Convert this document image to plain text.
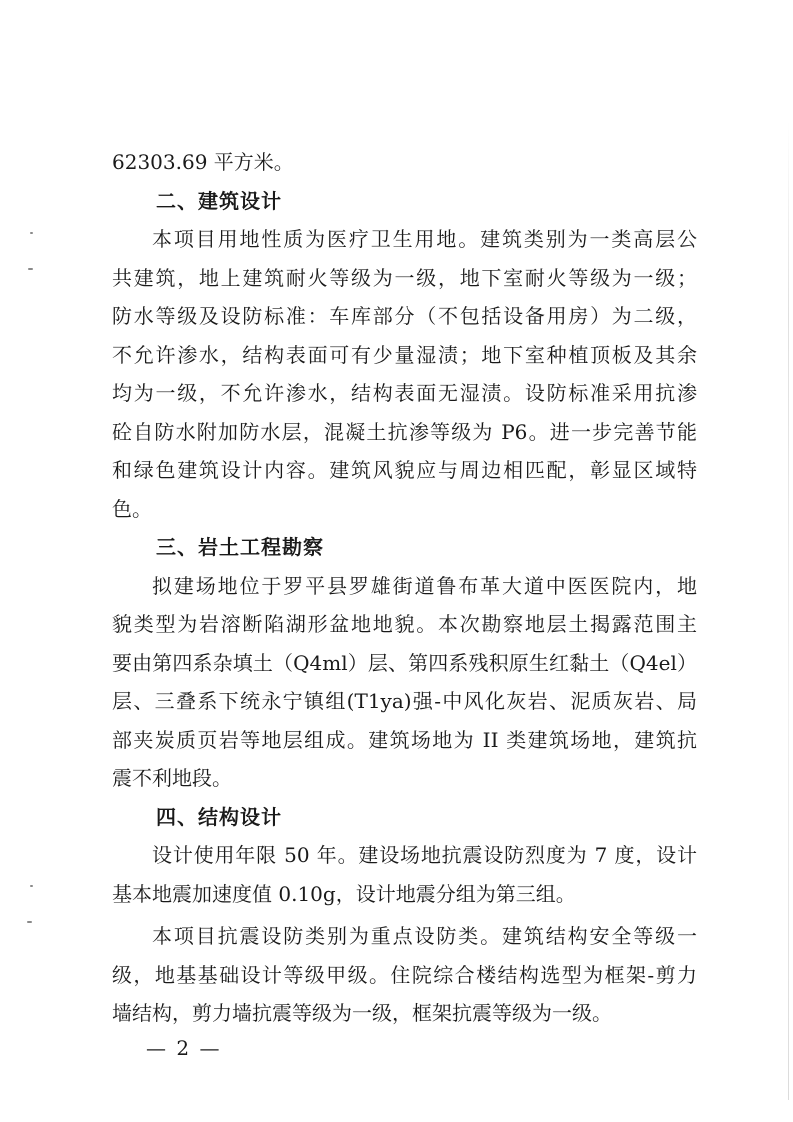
62303.69 平方米。
二、建筑设计
本项目用地性质为医疗卫生用地。建筑类别为一类高层公
共建筑，地上建筑耐火等级为一级，地下室耐火等级为一级；
防水等级及设防标准：车库部分（不包括设备用房）为二级，
不允许渗水，结构表面可有少量湿渍；地下室种植顶板及其余
均为一级，不允许渗水，结构表面无湿渍。设防标准采用抗渗
砼自防水附加防水层，混凝土抗渗等级为 P6。进一步完善节能
和绿色建筑设计内容。建筑风貌应与周边相匹配，彰显区域特
色。
三、岩土工程勘察
拟建场地位于罗平县罗雄街道鲁布革大道中医医院内，地
貌类型为岩溶断陷湖形盆地地貌。本次勘察地层土揭露范围主
要由第四系杂填土（Q4ml）层、第四系残积原生红黏土（Q4el）
层、三叠系下统永宁镇组(T1ya)强-中风化灰岩、泥质灰岩、局
部夹炭质页岩等地层组成。建筑场地为 II 类建筑场地，建筑抗
震不利地段。
四、结构设计
设计使用年限 50 年。建设场地抗震设防烈度为 7 度，设计
基本地震加速度值 0.10g，设计地震分组为第三组。
本项目抗震设防类别为重点设防类。建筑结构安全等级一
级，地基基础设计等级甲级。住院综合楼结构选型为框架-剪力
墙结构，剪力墙抗震等级为一级，框架抗震等级为一级。
— 2 —
